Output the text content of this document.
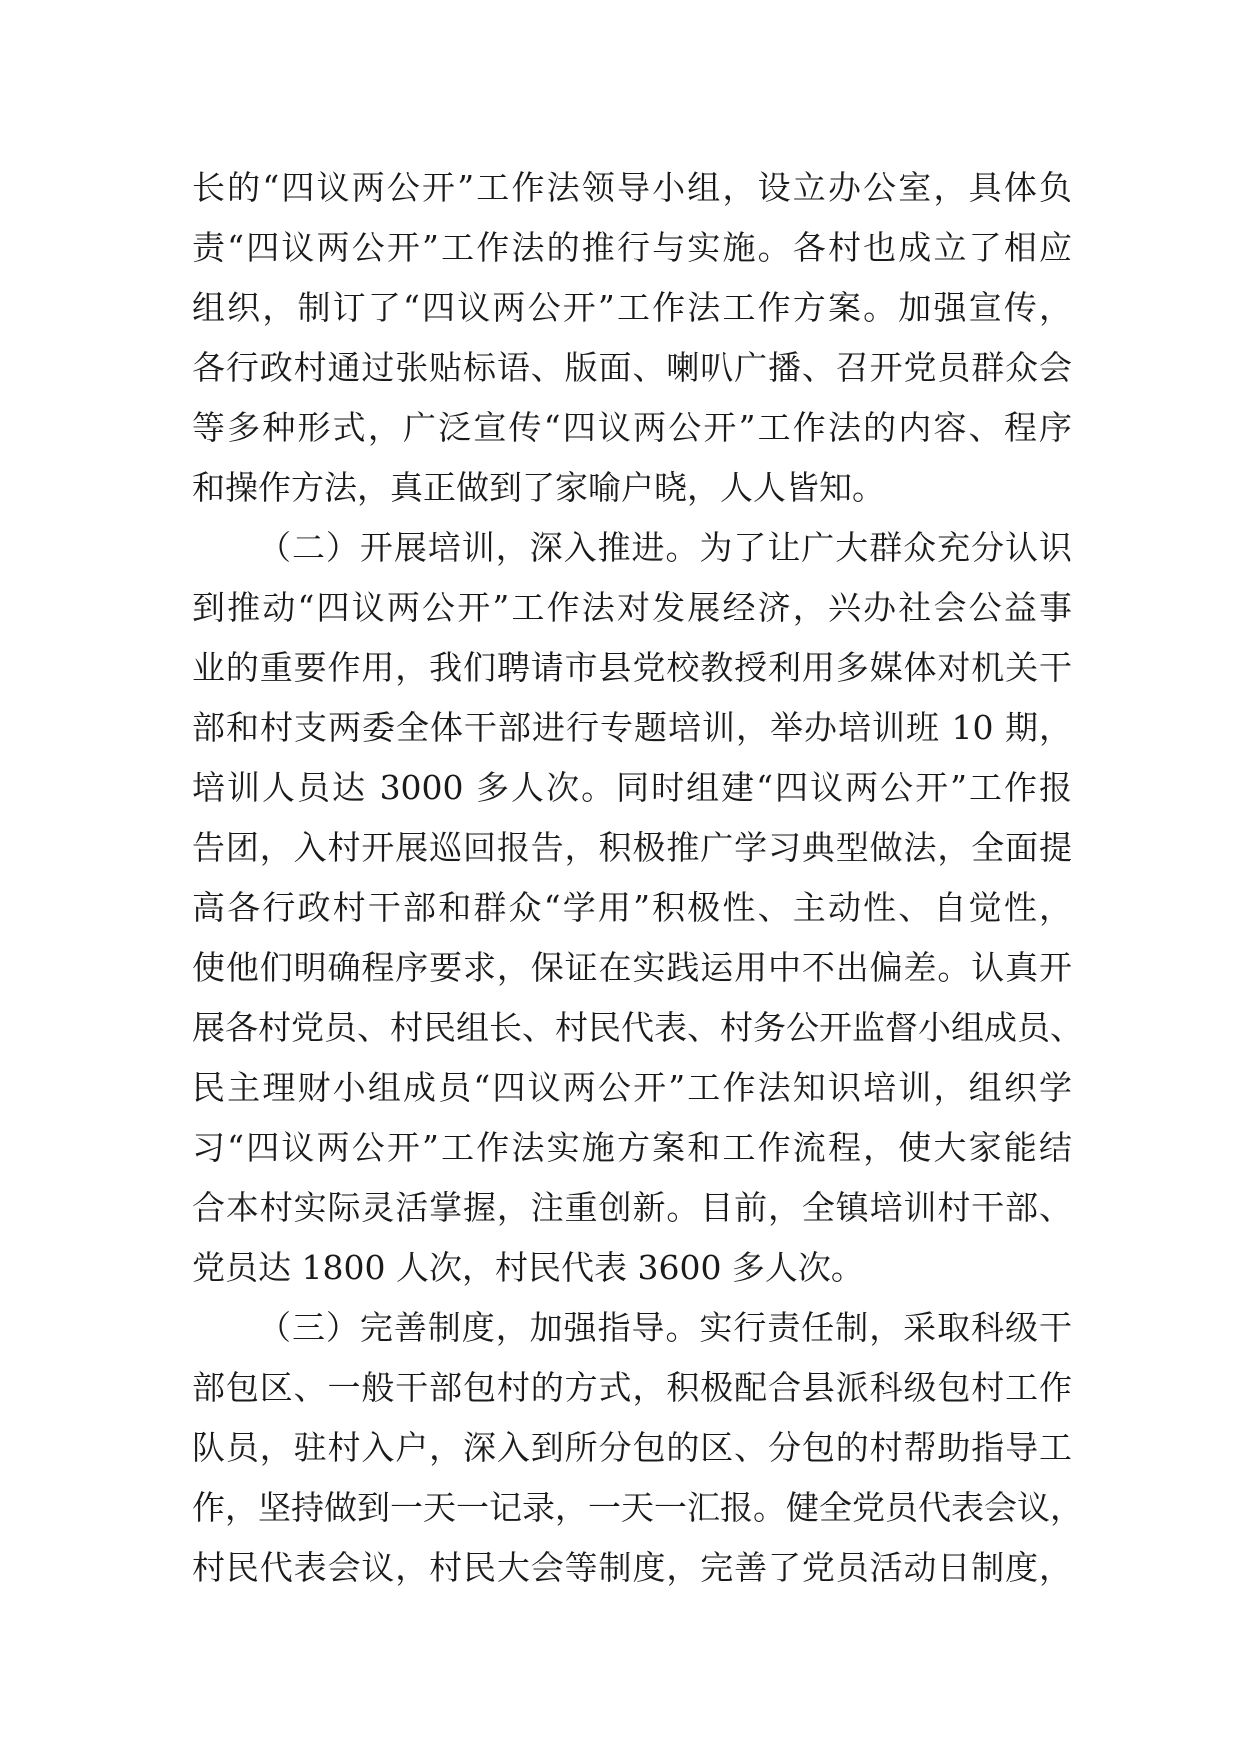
长的“四议两公开”工作法领导小组，设立办公室，具体负
责“四议两公开”工作法的推行与实施。各村也成立了相应
组织，制订了“四议两公开”工作法工作方案。加强宣传，
各行政村通过张贴标语、版面、喇叭广播、召开党员群众会
等多种形式，广泛宣传“四议两公开”工作法的内容、程序
和操作方法，真正做到了家喻户晓，人人皆知。
（二）开展培训，深入推进。为了让广大群众充分认识
到推动“四议两公开”工作法对发展经济，兴办社会公益事
业的重要作用，我们聘请市县党校教授利用多媒体对机关干
部和村支两委全体干部进行专题培训，举办培训班 10 期，
培训人员达 3000 多人次。同时组建“四议两公开”工作报
告团，入村开展巡回报告，积极推广学习典型做法，全面提
高各行政村干部和群众“学用”积极性、主动性、自觉性，
使他们明确程序要求，保证在实践运用中不出偏差。认真开
展各村党员、村民组长、村民代表、村务公开监督小组成员、
民主理财小组成员“四议两公开”工作法知识培训，组织学
习“四议两公开”工作法实施方案和工作流程，使大家能结
合本村实际灵活掌握，注重创新。目前，全镇培训村干部、
党员达 1800 人次，村民代表 3600 多人次。
（三）完善制度，加强指导。实行责任制，采取科级干
部包区、一般干部包村的方式，积极配合县派科级包村工作
队员，驻村入户，深入到所分包的区、分包的村帮助指导工
作，坚持做到一天一记录，一天一汇报。健全党员代表会议，
村民代表会议，村民大会等制度，完善了党员活动日制度，
